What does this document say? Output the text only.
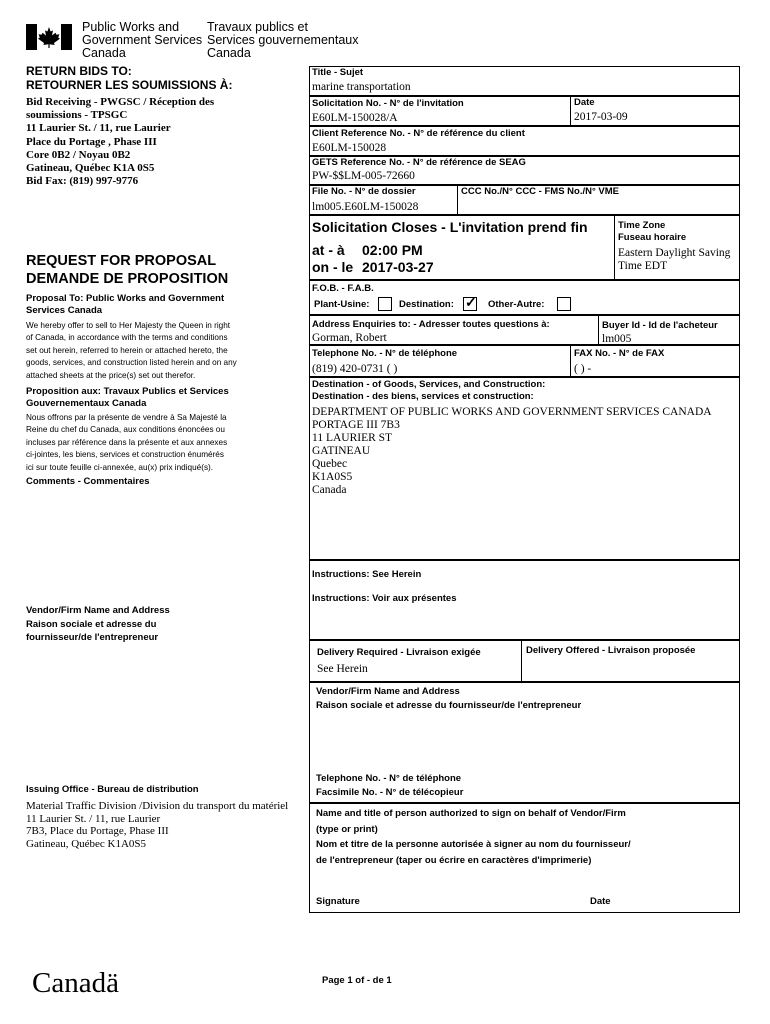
Public Works and
Government Services
Canada
Travaux publics et
Services gouvernementaux
Canada
RETURN BIDS TO:
RETOURNER LES SOUMISSIONS À:
Bid Receiving - PWGSC / Réception des
soumissions - TPSGC
11 Laurier St. / 11, rue Laurier
Place du Portage , Phase III
Core 0B2 / Noyau 0B2
Gatineau, Québec K1A 0S5
Bid Fax: (819) 997-9776
REQUEST FOR PROPOSAL
DEMANDE DE PROPOSITION
Proposal To: Public Works and Government
Services Canada
We hereby offer to sell to Her Majesty the Queen in right
of Canada, in accordance with the terms and conditions
set out herein, referred to herein or attached hereto, the
goods, services, and construction listed herein and on any
attached sheets at the price(s) set out therefor.
Proposition aux: Travaux Publics et Services
Gouvernementaux Canada
Nous offrons par la présente de vendre à Sa Majesté la
Reine du chef du Canada, aux conditions énoncées ou
incluses par référence dans la présente et aux annexes
ci-jointes, les biens, services et construction énumérés
ici sur toute feuille ci-annexée, au(x) prix indiqué(s).
Comments - Commentaires
Vendor/Firm Name and Address
Raison sociale et adresse du
fournisseur/de l'entrepreneur
Issuing Office - Bureau de distribution
Material Traffic Division /Division du transport du matériel
11 Laurier St. / 11, rue Laurier
7B3, Place du Portage, Phase III
Gatineau, Québec K1A0S5
Canadä	Page 1 of - de 1
Title - Sujet
marine transportation
Solicitation No. - N° de l'invitation
E60LM-150028/A
Date
2017-03-09
Client Reference No. - N° de référence du client
E60LM-150028
GETS Reference No. - N° de référence de SEAG
PW-$$LM-005-72660
File No. - N° de dossier
lm005.E60LM-150028
CCC No./N° CCC - FMS No./N° VME
Solicitation Closes - L'invitation prend fin
at - à 02:00 PM
on - le 2017-03-27
Time Zone
Fuseau horaire
Eastern Daylight Saving
Time EDT
F.O.B. - F.A.B.
Plant-Usine:	Destination: ✓ Other-Autre:
Address Enquiries to: - Adresser toutes questions à:
Gorman, Robert
Buyer Id - Id de l'acheteur
lm005
Telephone No. - N° de téléphone
(819) 420-0731 ( )
FAX No. - N° de FAX
( ) -
Destination - of Goods, Services, and Construction:
Destination - des biens, services et construction:
DEPARTMENT OF PUBLIC WORKS AND GOVERNMENT SERVICES CANADA
PORTAGE III 7B3
11 LAURIER ST
GATINEAU
Quebec
K1A0S5
Canada
Instructions: See Herein
Instructions: Voir aux présentes
Delivery Required - Livraison exigée
See Herein
Delivery Offered - Livraison proposée
Vendor/Firm Name and Address
Raison sociale et adresse du fournisseur/de l'entrepreneur
Telephone No. - N° de téléphone
Facsimile No. - N° de télécopieur
Name and title of person authorized to sign on behalf of Vendor/Firm
(type or print)
Nom et titre de la personne autorisée à signer au nom du fournisseur/
de l'entrepreneur (taper ou écrire en caractères d'imprimerie)
Signature	Date
